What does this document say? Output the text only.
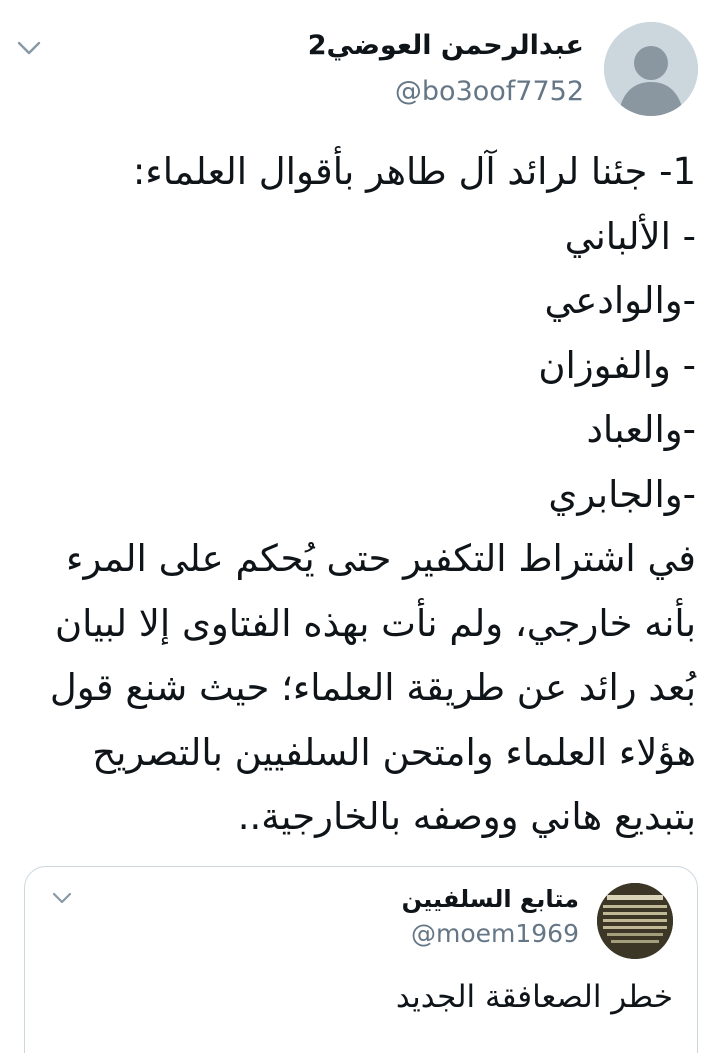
عبدالرحمن العوضي2
@bo3oof7752
1- جئنا لرائد آل طاهر بأقوال العلماء:
- الألباني
-والوادعي
- والفوزان
-والعباد
-والجابري
في اشتراط التكفير حتى يُحكم على المرء
بأنه خارجي، ولم نأت بهذه الفتاوى إلا لبيان
بُعد رائد عن طريقة العلماء؛ حيث شنع قول
هؤلاء العلماء وامتحن السلفيين بالتصريح
بتبديع هاني ووصفه بالخارجية..
متابع السلفيين
@moem1969
خطر الصعافقة الجديد
